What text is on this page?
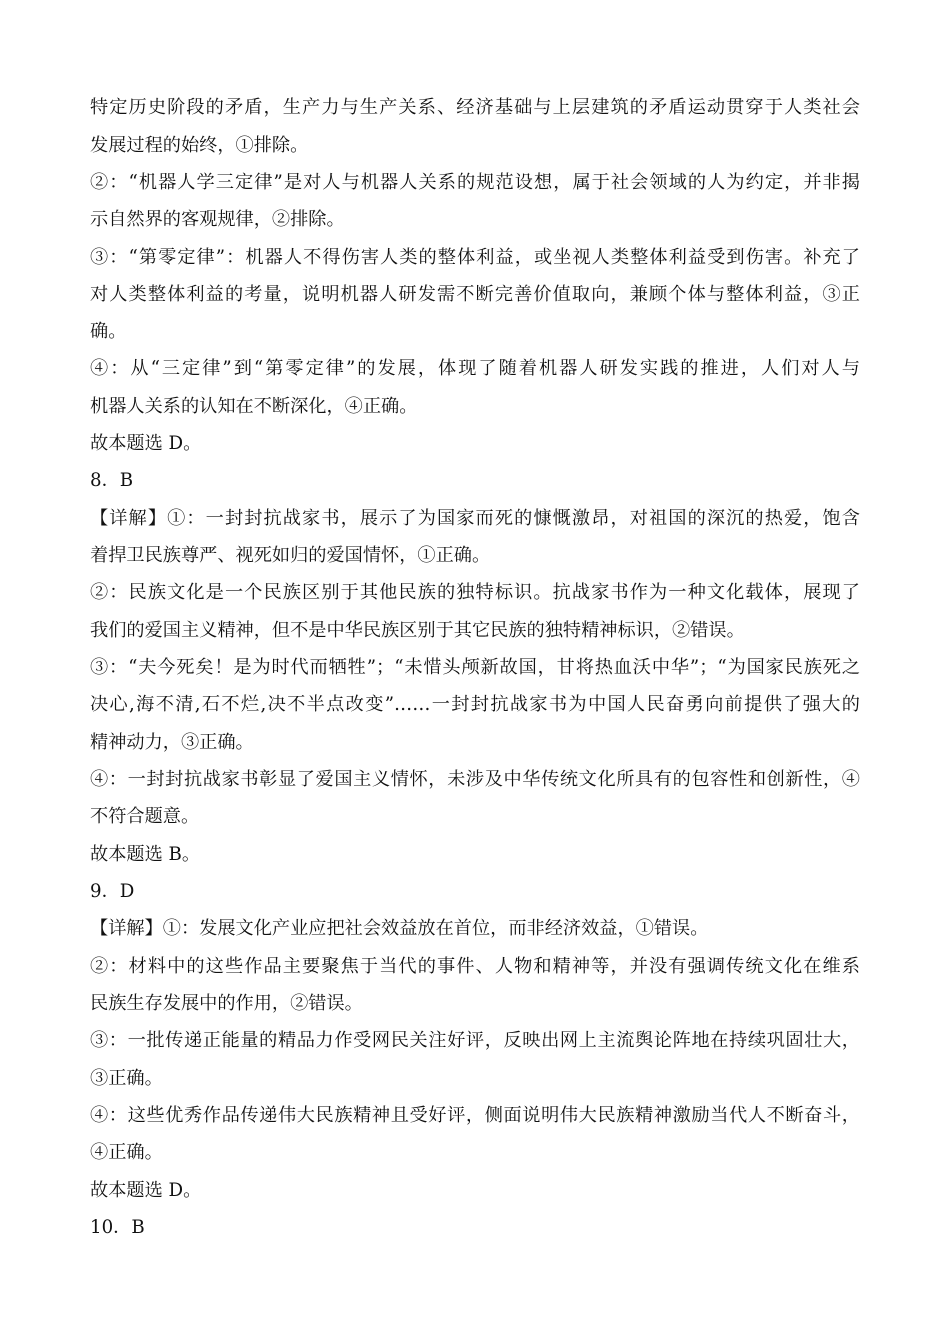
特定历史阶段的矛盾，生产力与生产关系、经济基础与上层建筑的矛盾运动贯穿于人类社会
发展过程的始终，①排除。
②：“机器人学三定律”是对人与机器人关系的规范设想，属于社会领域的人为约定，并非揭
示自然界的客观规律，②排除。
③：“第零定律”：机器人不得伤害人类的整体利益，或坐视人类整体利益受到伤害。补充了
对人类整体利益的考量，说明机器人研发需不断完善价值取向，兼顾个体与整体利益，③正
确。
④：从“三定律”到“第零定律”的发展，体现了随着机器人研发实践的推进，人们对人与
机器人关系的认知在不断深化，④正确。
故本题选 D。
8．B
【详解】①：一封封抗战家书，展示了为国家而死的慷慨激昂，对祖国的深沉的热爱，饱含
着捍卫民族尊严、视死如归的爱国情怀，①正确。
②：民族文化是一个民族区别于其他民族的独特标识。抗战家书作为一种文化载体，展现了
我们的爱国主义精神，但不是中华民族区别于其它民族的独特精神标识，②错误。
③：“夫今死矣！是为时代而牺牲”；“未惜头颅新故国，甘将热血沃中华”；“为国家民族死之
决心,海不清,石不烂,决不半点改变”……一封封抗战家书为中国人民奋勇向前提供了强大的
精神动力，③正确。
④：一封封抗战家书彰显了爱国主义情怀，未涉及中华传统文化所具有的包容性和创新性，④
不符合题意。
故本题选 B。
9．D
【详解】①：发展文化产业应把社会效益放在首位，而非经济效益，①错误。
②：材料中的这些作品主要聚焦于当代的事件、人物和精神等，并没有强调传统文化在维系
民族生存发展中的作用，②错误。
③：一批传递正能量的精品力作受网民关注好评，反映出网上主流舆论阵地在持续巩固壮大，
③正确。
④：这些优秀作品传递伟大民族精神且受好评，侧面说明伟大民族精神激励当代人不断奋斗，
④正确。
故本题选 D。
10．B
